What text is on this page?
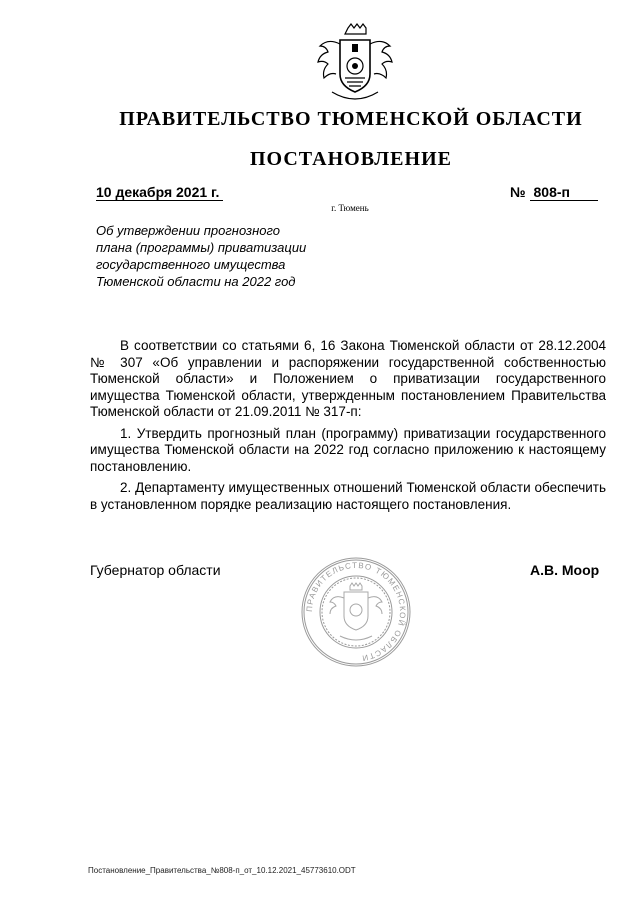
ПРАВИТЕЛЬСТВО ТЮМЕНСКОЙ ОБЛАСТИ
ПОСТАНОВЛЕНИЕ
10 декабря 2021 г.	№ 808-п
г. Тюмень
Об утверждении прогнозного
плана (программы) приватизации
государственного имущества
Тюменской области на 2022 год

В соответствии со статьями 6, 16 Закона Тюменской области от 28.12.2004 № 307 «Об управлении и распоряжении государственной собственностью Тюменской области» и Положением о приватизации государственного имущества Тюменской области, утвержденным постановлением Правительства Тюменской области от 21.09.2011 № 317-п:

1. Утвердить прогнозный план (программу) приватизации государственного имущества Тюменской области на 2022 год согласно приложению к настоящему постановлению.

2. Департаменту имущественных отношений Тюменской области обеспечить в установленном порядке реализацию настоящего постановления.

Губернатор области
ПРАВИТЕЛЬСТВО ТЮМЕНСКОЙ ОБЛАСТИ
А.В. Моор
Постановление_Правительства_№808-п_от_10.12.2021_45773610.ODT
